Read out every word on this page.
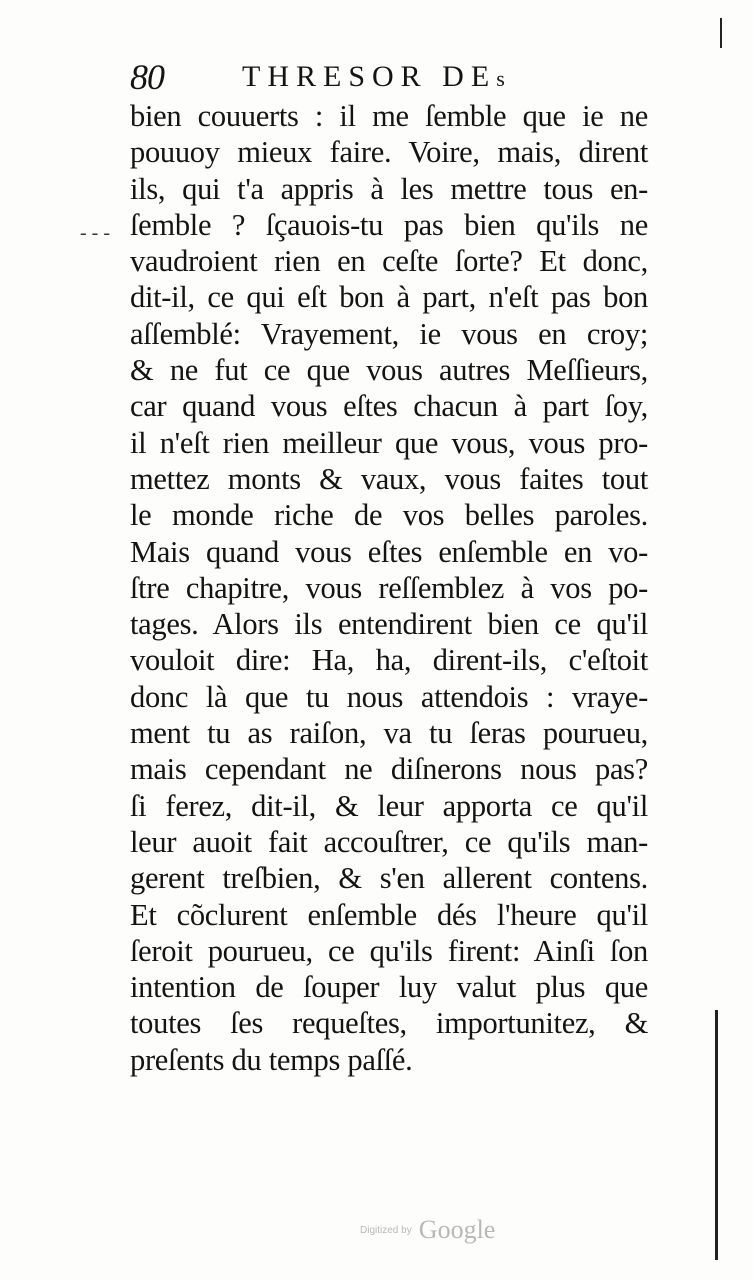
80	THRESOR DEs
bien couuerts : il me ſemble que ie ne
pouuoy mieux faire. Voire, mais, dirent
ils, qui t'a appris à les mettre tous en-
ſemble ? ſçauois-tu pas bien qu'ils ne
vaudroient rien en ceſte ſorte? Et donc,
dit-il, ce qui eſt bon à part, n'eſt pas bon
aſſemblé: Vrayement, ie vous en croy;
& ne fut ce que vous autres Meſſieurs,
car quand vous eſtes chacun à part ſoy,
il n'eſt rien meilleur que vous, vous pro-
mettez monts & vaux, vous faites tout
le monde riche de vos belles paroles.
Mais quand vous eſtes enſemble en vo-
ſtre chapitre, vous reſſemblez à vos po-
tages. Alors ils entendirent bien ce qu'il
vouloit dire: Ha, ha, dirent-ils, c'eſtoit
donc là que tu nous attendois : vraye-
ment tu as raiſon, va tu ſeras pourueu,
mais cependant ne diſnerons nous pas?
ſi ferez, dit-il, & leur apporta ce qu'il
leur auoit fait accouſtrer, ce qu'ils man-
gerent treſbien, & s'en allerent contens.
Et cõclurent enſemble dés l'heure qu'il
ſeroit pourueu, ce qu'ils firent: Ainſi ſon
intention de ſouper luy valut plus que
toutes ſes requeſtes, importunitez, &
preſents du temps paſſé.
- - -
Digitized by Google
